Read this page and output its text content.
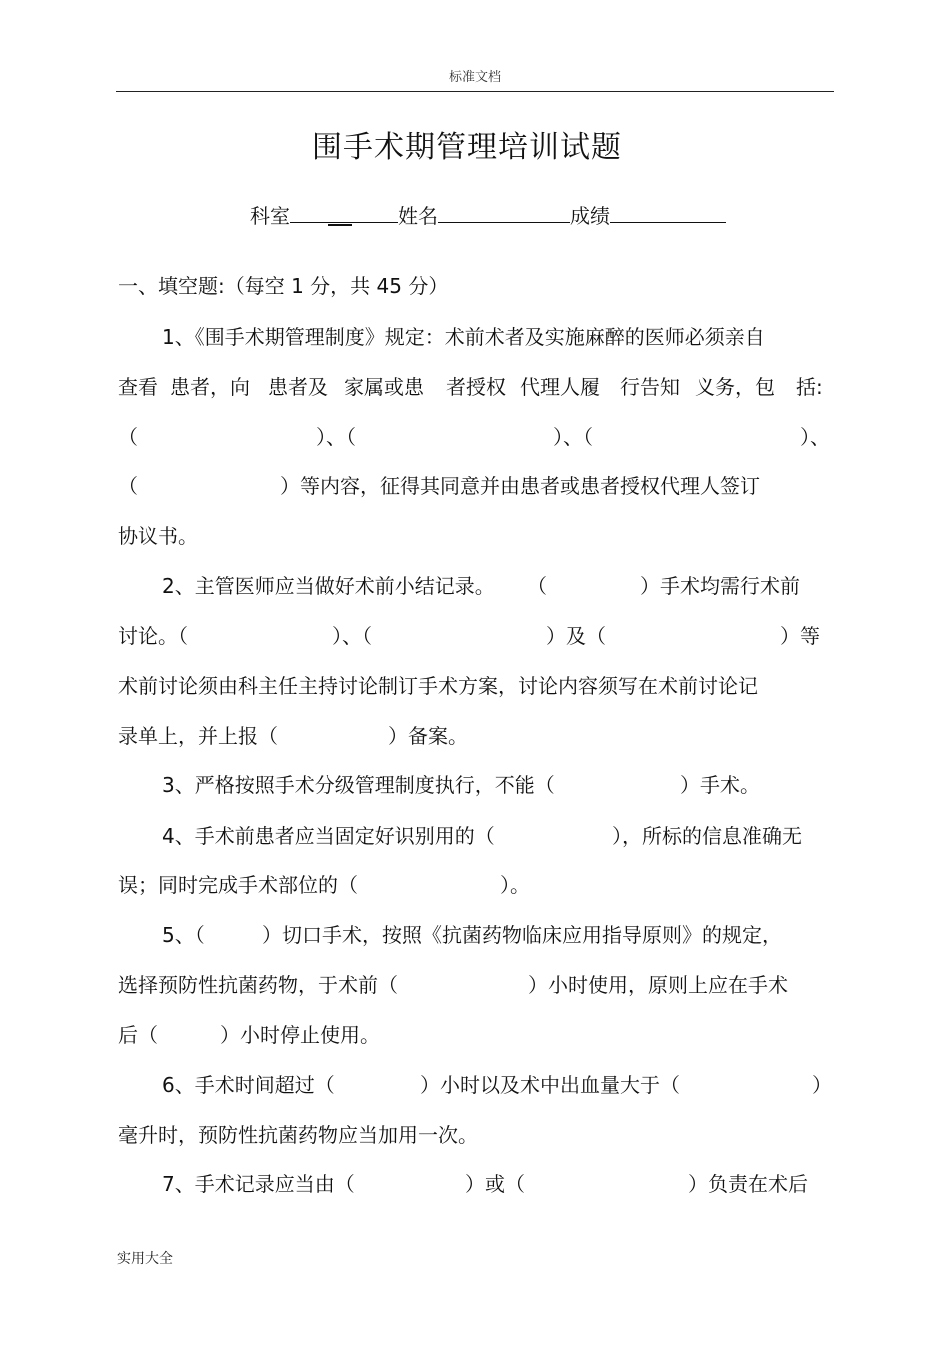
标准文档
围手术期管理培训试题
科室	姓名	成绩
一、填空题:（每空 1 分，共 45 分）
1、《围手术期管理制度》规定：术前术者及实施麻醉的医师必须亲自
查看 患者，向 患者及 家属或患 者授权 代理人履 行告知 义务，包 括:
（	）、（	）、（	）、
（	）等内容，征得其同意并由患者或患者授权代理人签订
协议书。
2、主管医师应当做好术前小结记录。 （	）手术均需行术前
讨论。（	）、（	）及（	）等
术前讨论须由科主任主持讨论制订手术方案，讨论内容须写在术前讨论记
录单上，并上报（	）备案。
3、严格按照手术分级管理制度执行，不能（	）手术。
4、手术前患者应当固定好识别用的（	），所标的信息准确无
误；同时完成手术部位的（	）。
5、（	）切口手术，按照《抗菌药物临床应用指导原则》的规定，
选择预防性抗菌药物，于术前（	）小时使用，原则上应在手术
后（	）小时停止使用。
6、手术时间超过（	）小时以及术中出血量大于（	）
毫升时，预防性抗菌药物应当加用一次。
7、手术记录应当由（	）或（	）负责在术后
实用大全
